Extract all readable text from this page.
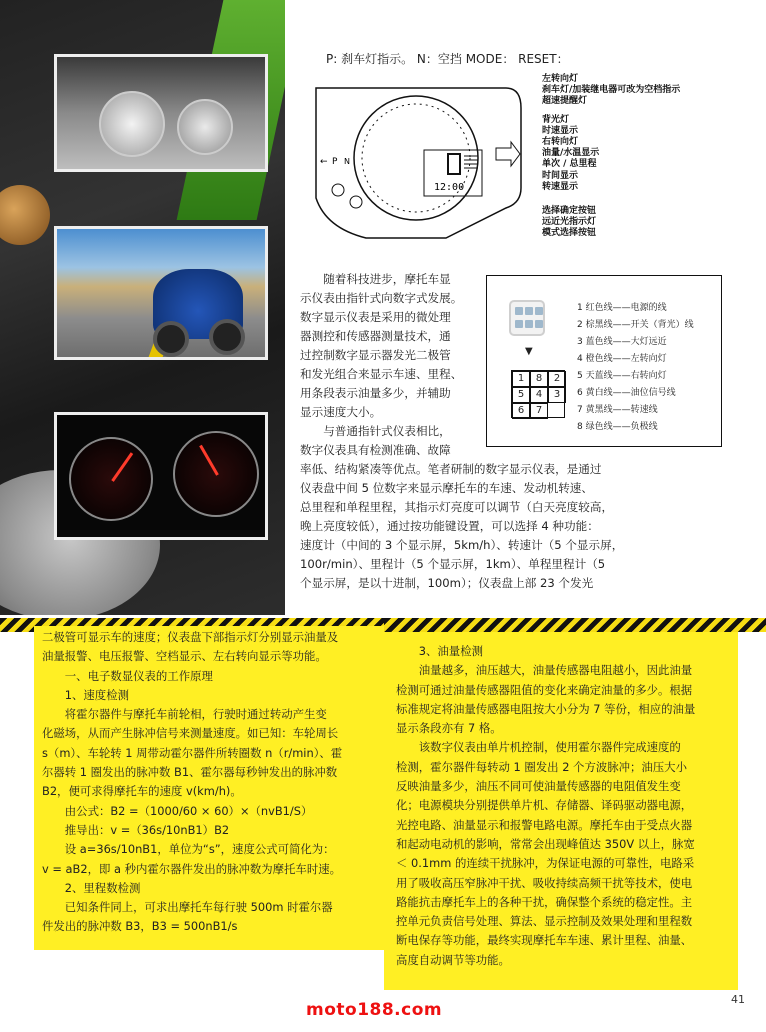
P: 刹车灯指示。 N：空挡 MODE： RESET：
12:00
← P N
左转向灯
刹车灯/加装继电器可改为空档指示
超速提醒灯
背光灯
时速显示
右转向灯
油量/水温显示
单次 / 总里程
时间显示
转速显示
选择确定按钮
远近光指示灯
模式选择按钮
　　随着科技进步，摩托车显
示仪表由指针式向数字式发展。
数字显示仪表是采用的微处理
器测控和传感器测量技术，通
过控制数字显示器发光二极管
和发光组合来显示车速、里程、
用条段表示油量多少，并辅助
显示速度大小。
　　与普通指针式仪表相比，
数字仪表具有检测准确、故障
▼
1	8	2
5	4	3
6	7
1 红色线——电源的线
2 棕黑线——开关（背光）线
3 蓝色线——大灯远近
4 橙色线——左转向灯
5 天蓝线——右转向灯
6 黄白线——油位信号线
7 黄黑线——转速线
8 绿色线——负极线
率低、结构紧凑等优点。笔者研制的数字显示仪表，是通过
仪表盘中间 5 位数字来显示摩托车的车速、发动机转速、
总里程和单程里程，其指示灯亮度可以调节（白天亮度较高，
晚上亮度较低），通过按功能键设置，可以选择 4 种功能：
速度计（中间的 3 个显示屏，5km/h）、转速计（5 个显示屏，
100r/min）、里程计（5 个显示屏，1km）、单程里程计（5
个显示屏，是以十进制，100m）；仪表盘上部 23 个发光
二极管可显示车的速度；仪表盘下部指示灯分别显示油量及
油量报警、电压报警、空档显示、左右转向显示等功能。
　　一、电子数显仪表的工作原理
　　1、速度检测
　　将霍尔器件与摩托车前轮相，行驶时通过转动产生变
化磁场，从而产生脉冲信号来测量速度。如已知：车轮周长
s（m）、车轮转 1 周带动霍尔器件所转圈数 n（r/min）、霍
尔器转 1 圈发出的脉冲数 B1、霍尔器每秒钟发出的脉冲数
B2，便可求得摩托车的速度 v(km/h)。
　　由公式：B2 =（1000/60 × 60）×（nvB1/S）
　　推导出：v =（36s/10nB1）B2
　　设 a=36s/10nB1，单位为“s”，速度公式可简化为：
v = aB2，即 a 秒内霍尔器件发出的脉冲数为摩托车时速。
　　2、里程数检测
　　已知条件同上，可求出摩托车每行驶 500m 时霍尔器
件发出的脉冲数 B3，B3 = 500nB1/s
　　3、油量检测
　　油量越多，油压越大，油量传感器电阻越小，因此油量
检测可通过油量传感器阻值的变化来确定油量的多少。根据
标准规定将油量传感器电阻按大小分为 7 等份，相应的油量
显示条段亦有 7 格。
　　该数字仪表由单片机控制，使用霍尔器件完成速度的
检测，霍尔器件每转动 1 圈发出 2 个方波脉冲；油压大小
反映油量多少，油压不同可使油量传感器的电阻值发生变
化；电源模块分别提供单片机、存储器、译码驱动器电源，
光控电路、油量显示和报警电路电源。摩托车由于受点火器
和起动电动机的影响，常常会出现峰值达 350V 以上，脉宽
＜ 0.1mm 的连续干扰脉冲，为保证电源的可靠性，电路采
用了吸收高压窄脉冲干扰、吸收持续高频干扰等技术，使电
路能抗击摩托车上的各种干扰，确保整个系统的稳定性。主
控单元负责信号处理、算法、显示控制及效果处理和里程数
断电保存等功能，最终实现摩托车车速、累计里程、油量、
高度自动调节等功能。
moto188.com
41
